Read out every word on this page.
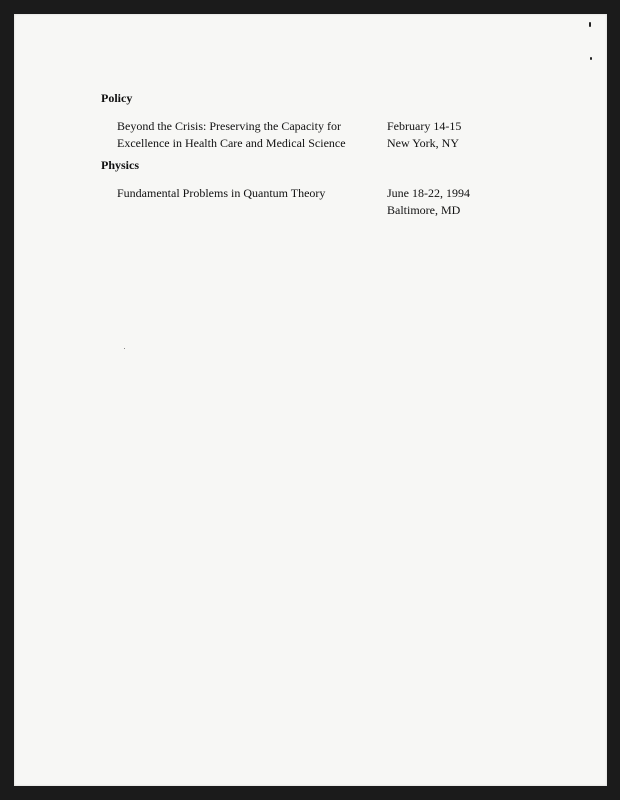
Policy
Beyond the Crisis: Preserving the Capacity for
Excellence in Health Care and Medical Science
February 14-15
New York, NY
Physics
Fundamental Problems in Quantum Theory	June 18-22, 1994
Baltimore, MD
